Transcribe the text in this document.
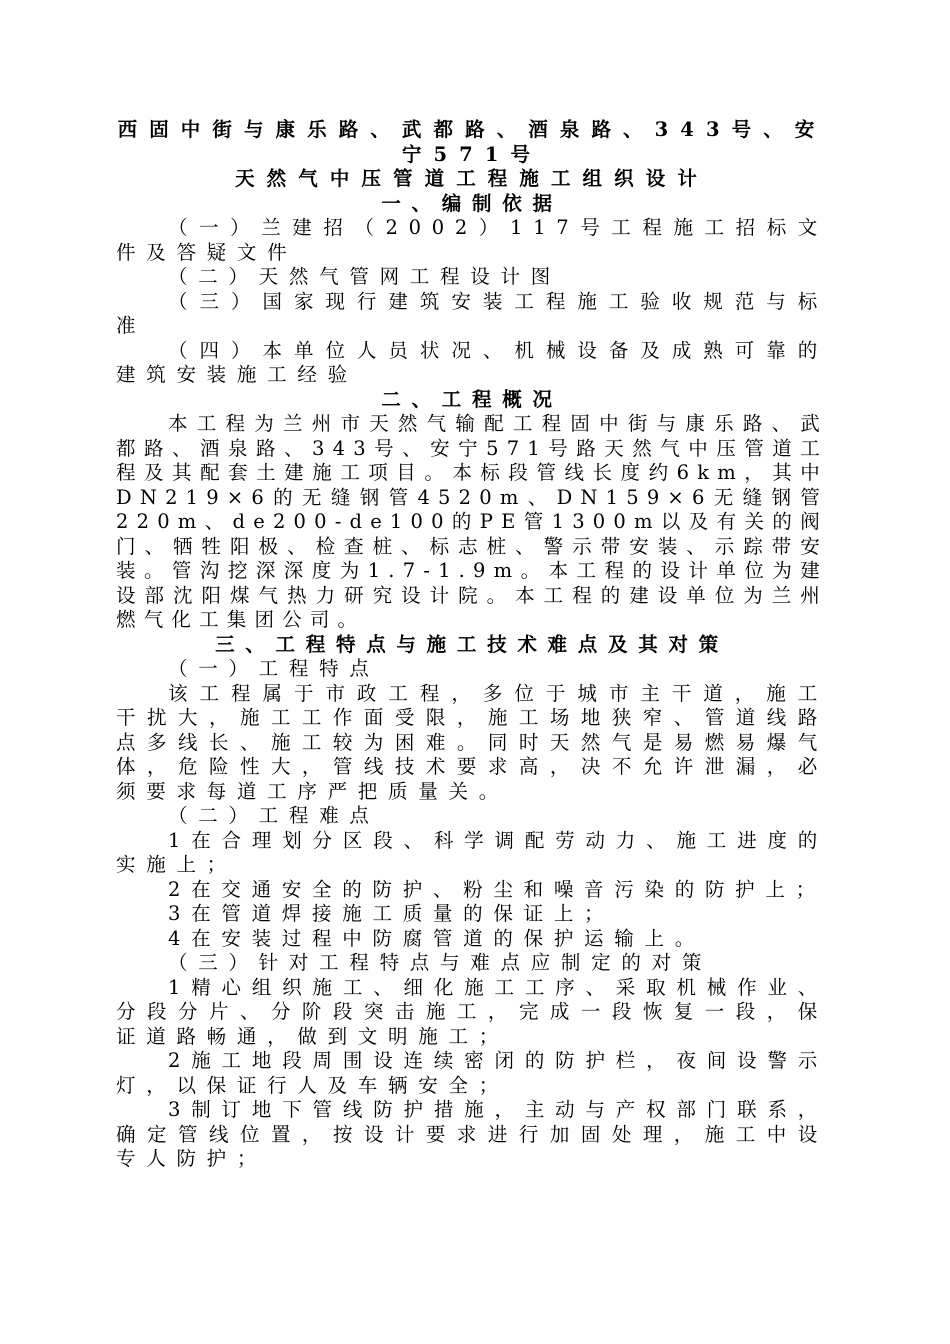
西固中街与康乐路、武都路、酒泉路、343号、安宁571号

天然气中压管道工程施工组织设计

一、编制依据

（一）兰建招（2002）117号工程施工招标文件及答疑文件

（二）天然气管网工程设计图

（三）国家现行建筑安装工程施工验收规范与标准

（四）本单位人员状况、机械设备及成熟可靠的建筑安装施工经验

二、工程概况

本工程为兰州市天然气输配工程固中街与康乐路、武都路、酒泉路、343号、安宁571号路天然气中压管道工程及其配套土建施工项目。本标段管线长度约6km，其中DN219×6的无缝钢管4520m、DN159×6无缝钢管220m、de200-de100的PE管1300m以及有关的阀门、牺牲阳极、检查桩、标志桩、警示带安装、示踪带安装。管沟挖深深度为1.7-1.9m。本工程的设计单位为建设部沈阳煤气热力研究设计院。本工程的建设单位为兰州燃气化工集团公司。

三、工程特点与施工技术难点及其对策

（一）工程特点

该工程属于市政工程，多位于城市主干道，施工干扰大，施工工作面受限，施工场地狭窄、管道线路点多线长、施工较为困难。同时天然气是易燃易爆气体，危险性大，管线技术要求高，决不允许泄漏，必须要求每道工序严把质量关。

（二）工程难点

1在合理划分区段、科学调配劳动力、施工进度的实施上；

2在交通安全的防护、粉尘和噪音污染的防护上；

3在管道焊接施工质量的保证上；

4在安装过程中防腐管道的保护运输上。

（三）针对工程特点与难点应制定的对策

1精心组织施工、细化施工工序、采取机械作业、分段分片、分阶段突击施工，完成一段恢复一段，保证道路畅通，做到文明施工；

2施工地段周围设连续密闭的防护栏，夜间设警示灯，以保证行人及车辆安全；

3制订地下管线防护措施，主动与产权部门联系，确定管线位置，按设计要求进行加固处理，施工中设专人防护；
